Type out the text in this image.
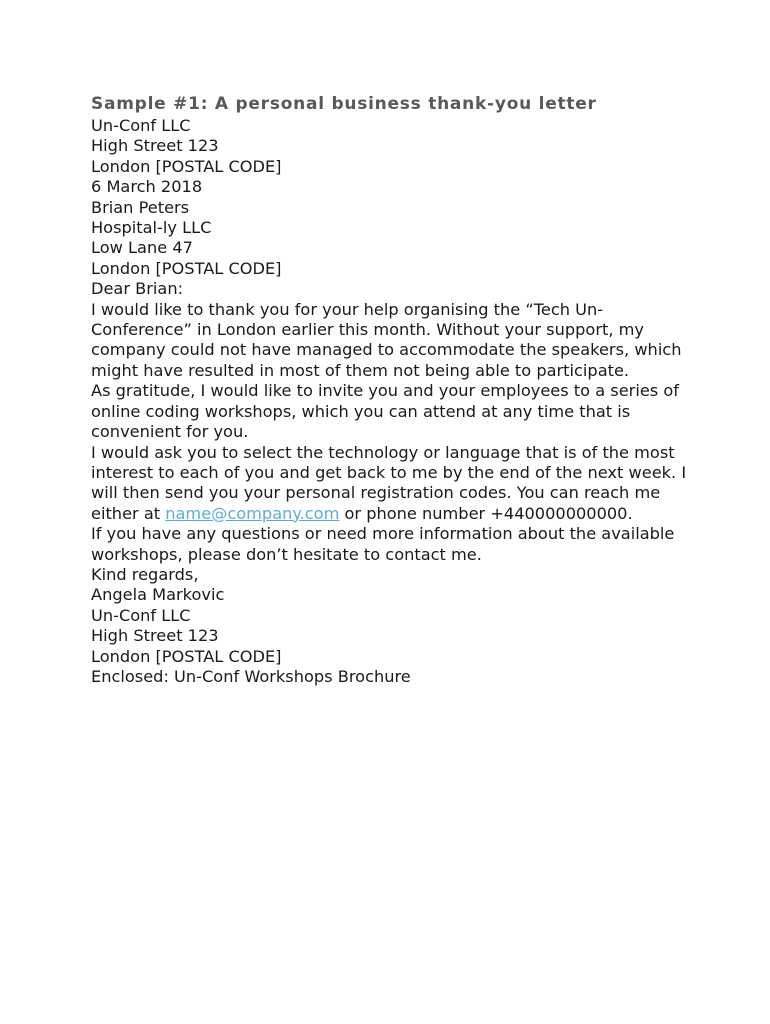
Sample #1: A personal business thank-you letter
Un-Conf LLC
High Street 123
London [POSTAL CODE]
6 March 2018
Brian Peters
Hospital-ly LLC
Low Lane 47
London [POSTAL CODE]
Dear Brian:

I would like to thank you for your help organising the “Tech Un-Conference” in London earlier this month. Without your support, my company could not have managed to accommodate the speakers, which might have resulted in most of them not being able to participate.

As gratitude, I would like to invite you and your employees to a series of online coding workshops, which you can attend at any time that is convenient for you.

I would ask you to select the technology or language that is of the most interest to each of you and get back to me by the end of the next week. I will then send you your personal registration codes. You can reach me either at name@company.com or phone number +440000000000.

If you have any questions or need more information about the available workshops, please don’t hesitate to contact me.

Kind regards,
Angela Markovic
Un-Conf LLC
High Street 123
London [POSTAL CODE]
Enclosed: Un-Conf Workshops Brochure
